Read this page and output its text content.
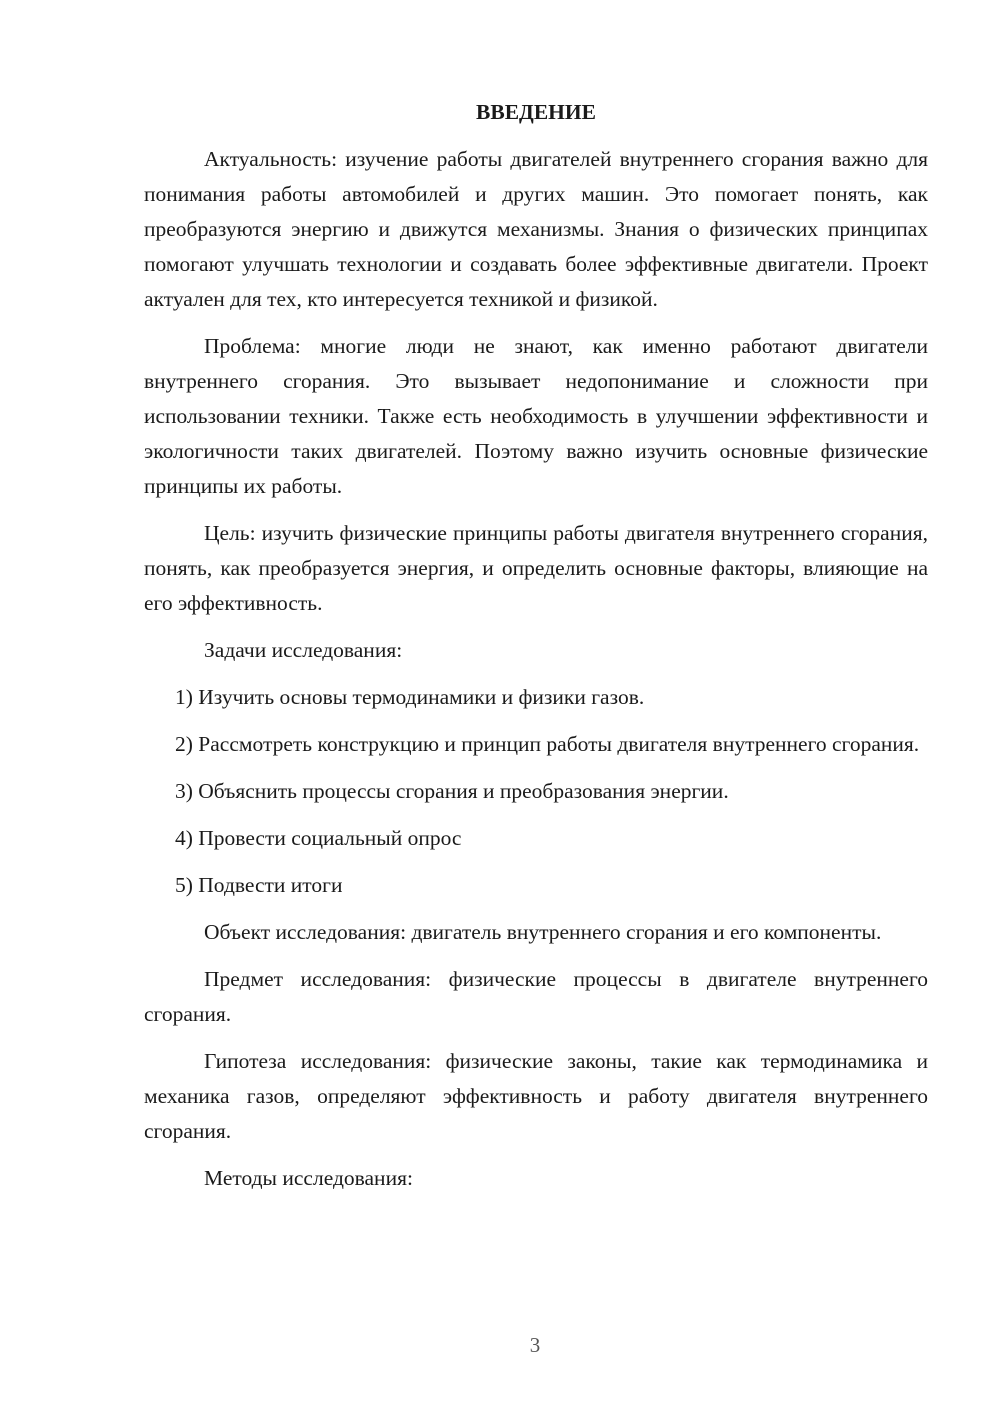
ВВЕДЕНИЕ

Актуальность: изучение работы двигателей внутреннего сгорания важно для понимания работы автомобилей и других машин. Это помогает понять, как преобразуются энергию и движутся механизмы. Знания о физических принципах помогают улучшать технологии и создавать более эффективные двигатели. Проект актуален для тех, кто интересуется техникой и физикой.

Проблема: многие люди не знают, как именно работают двигатели внутреннего сгорания. Это вызывает недопонимание и сложности при использовании техники. Также есть необходимость в улучшении эффективности и экологичности таких двигателей. Поэтому важно изучить основные физические принципы их работы.

Цель: изучить физические принципы работы двигателя внутреннего сгорания, понять, как преобразуется энергия, и определить основные факторы, влияющие на его эффективность.

Задачи исследования:

1) Изучить основы термодинамики и физики газов.

2) Рассмотреть конструкцию и принцип работы двигателя внутреннего сгорания.

3) Объяснить процессы сгорания и преобразования энергии.

4) Провести социальный опрос

5) Подвести итоги

Объект исследования: двигатель внутреннего сгорания и его компоненты.

Предмет исследования: физические процессы в двигателе внутреннего сгорания.

Гипотеза исследования: физические законы, такие как термодинамика и механика газов, определяют эффективность и работу двигателя внутреннего сгорания.

Методы исследования:

3
